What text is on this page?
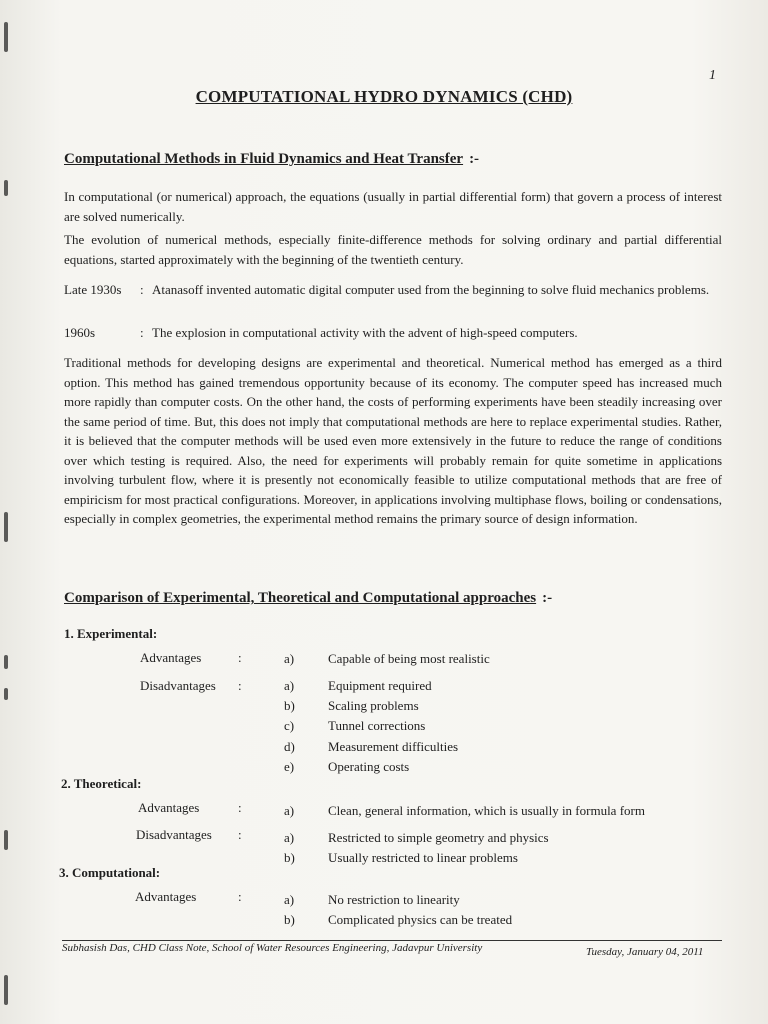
1
COMPUTATIONAL HYDRO DYNAMICS (CHD)
Computational Methods in Fluid Dynamics and Heat Transfer :-
In computational (or numerical) approach, the equations (usually in partial differential form) that govern a process of interest are solved numerically.
The evolution of numerical methods, especially finite-difference methods for solving ordinary and partial differential equations, started approximately with the beginning of the twentieth century.
Late 1930s	: Atanasoff invented automatic digital computer used from the beginning to solve fluid mechanics problems.
1960s	: The explosion in computational activity with the advent of high-speed computers.
Traditional methods for developing designs are experimental and theoretical. Numerical method has emerged as a third option. This method has gained tremendous opportunity because of its economy. The computer speed has increased much more rapidly than computer costs. On the other hand, the costs of performing experiments have been steadily increasing over the same period of time. But, this does not imply that computational methods are here to replace experimental studies. Rather, it is believed that the computer methods will be used even more extensively in the future to reduce the range of conditions over which testing is required. Also, the need for experiments will probably remain for quite sometime in applications involving turbulent flow, where it is presently not economically feasible to utilize computational methods that are free of empiricism for most practical configurations. Moreover, in applications involving multiphase flows, boiling or condensations, especially in complex geometries, the experimental method remains the primary source of design information.
Comparison of Experimental, Theoretical and Computational approaches :-
1. Experimental:
Advantages	:	a)	Capable of being most realistic
Disadvantages	:	a)	Equipment required
b)	Scaling problems
c)	Tunnel corrections
d)	Measurement difficulties
e)	Operating costs
2. Theoretical:
Advantages	:	a)	Clean, general information, which is usually in formula form
Disadvantages	:	a)	Restricted to simple geometry and physics
b)	Usually restricted to linear problems
3. Computational:
Advantages	:	a)	No restriction to linearity
b)	Complicated physics can be treated
Subhasish Das, CHD Class Note, School of Water Resources Engineering, Jadavpur University	Tuesday, January 04, 2011
